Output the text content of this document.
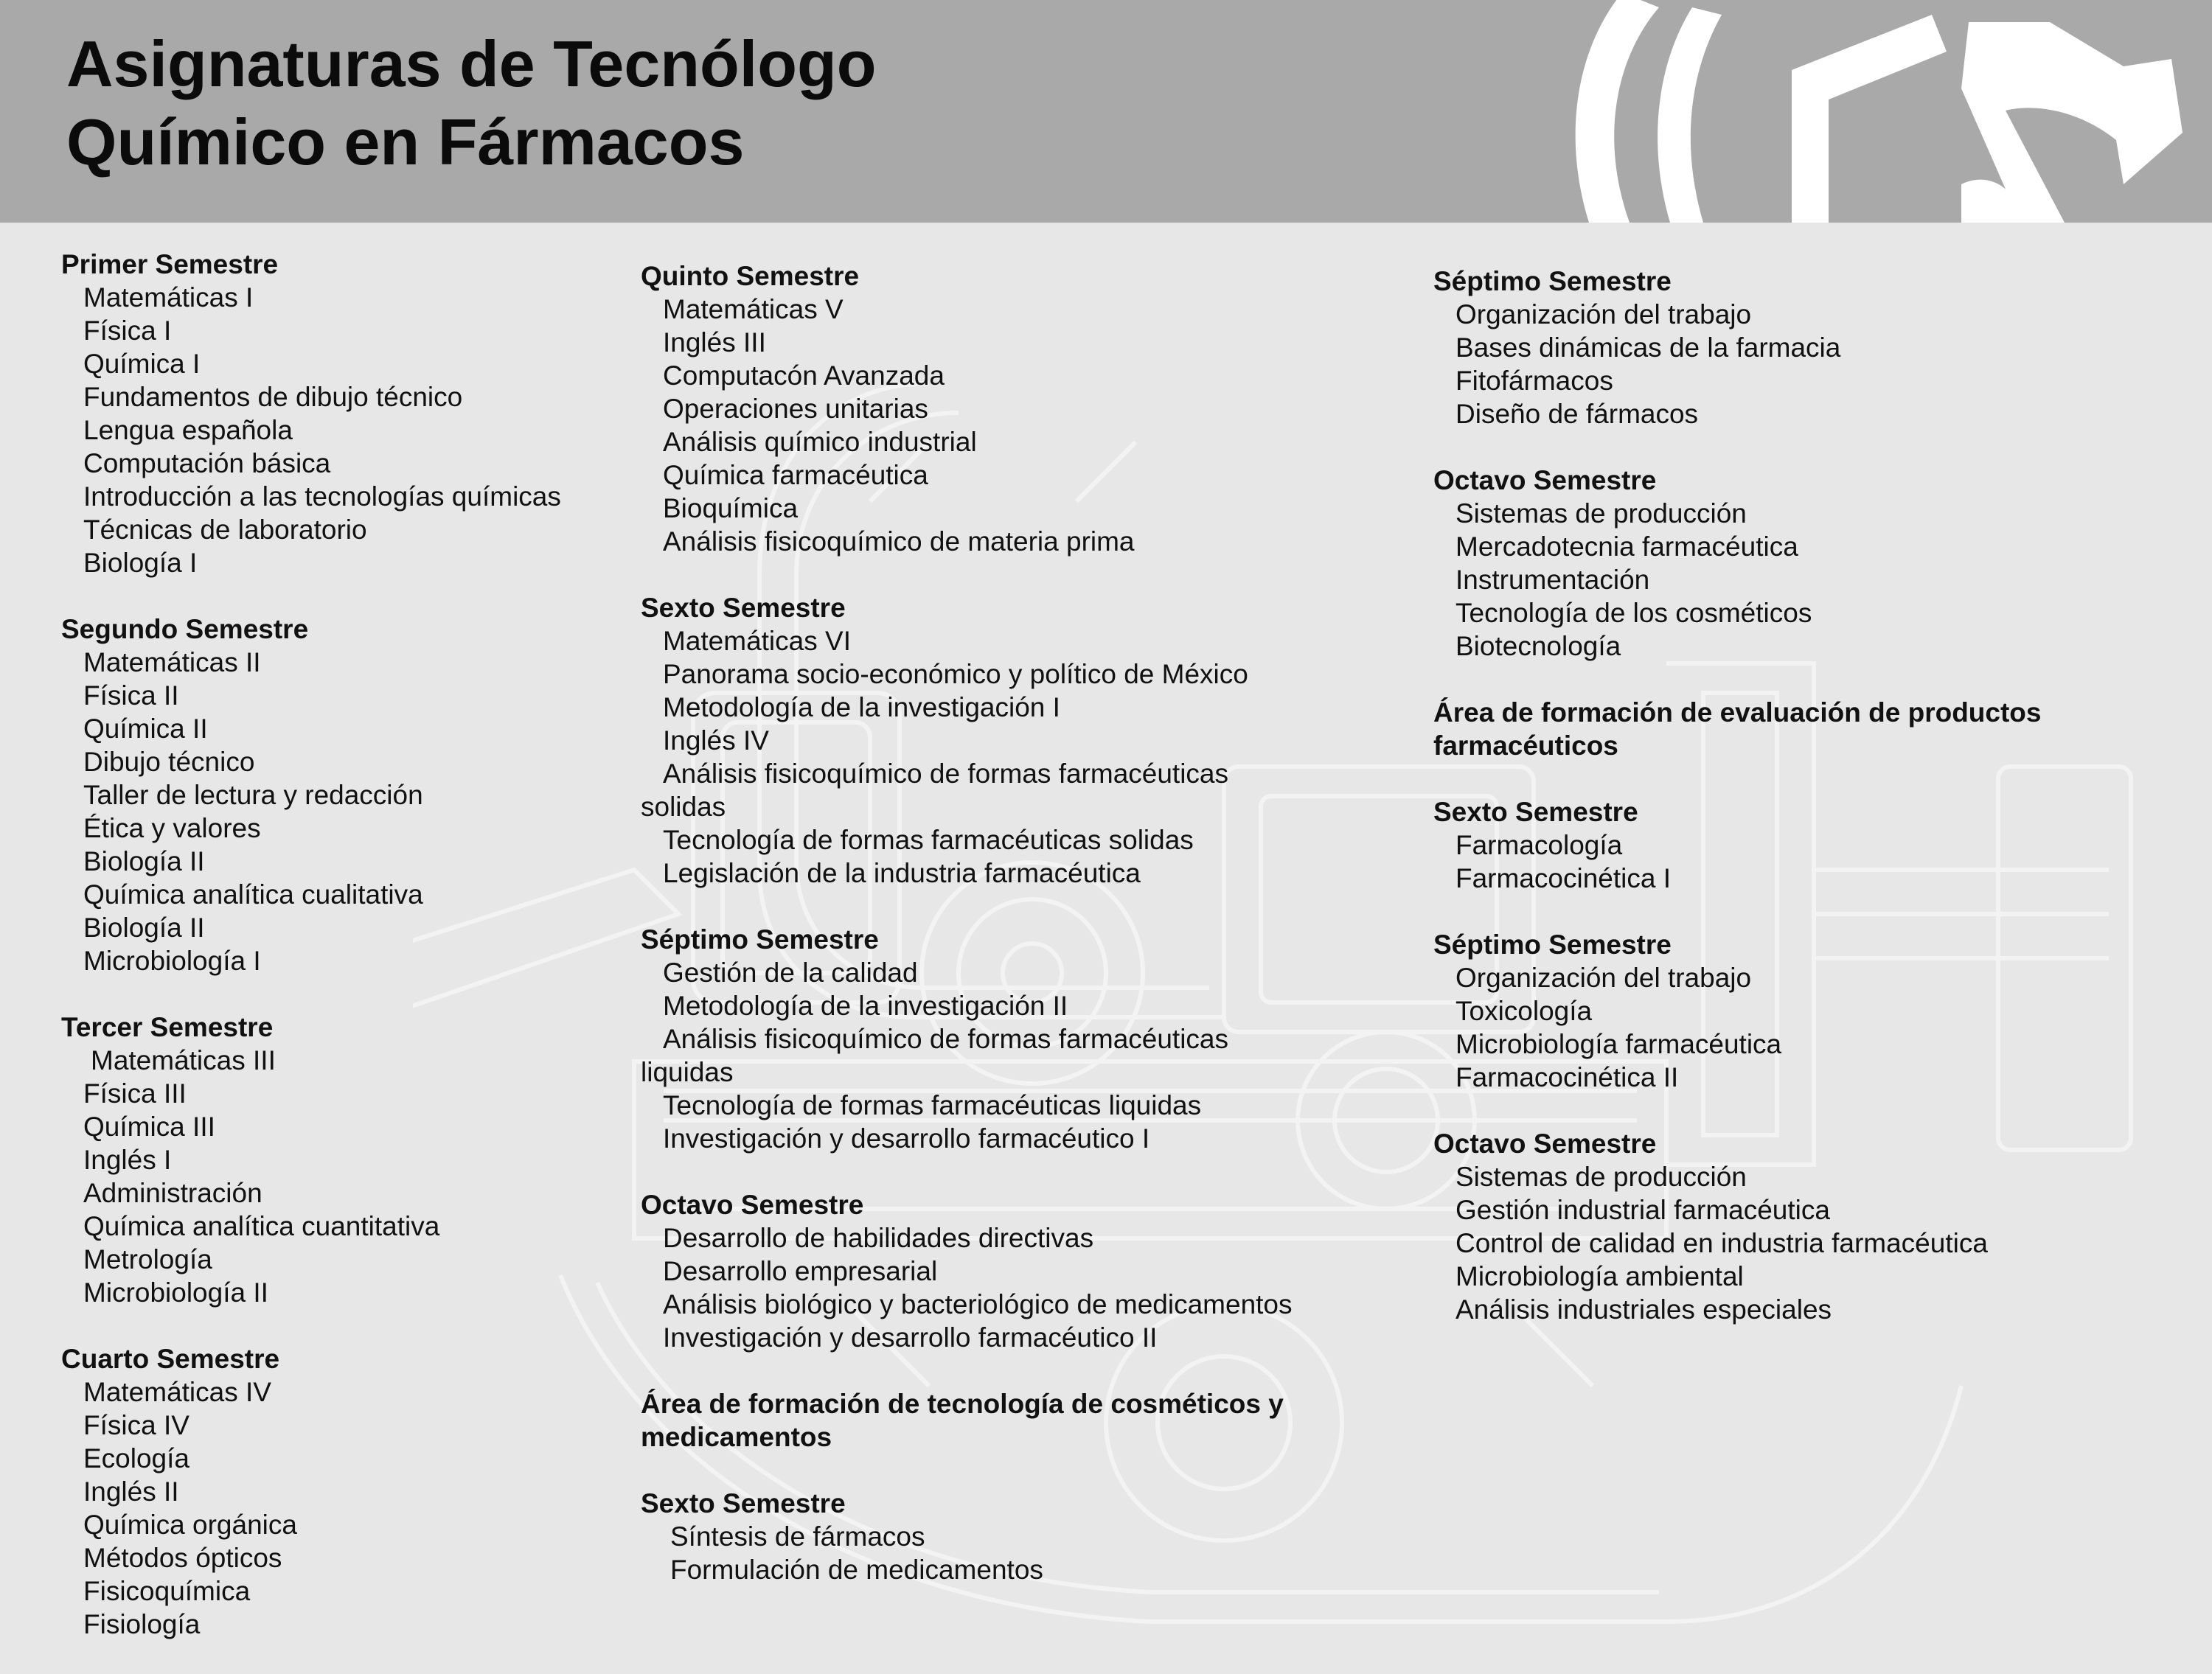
Asignaturas de Tecnólogo
Químico en Fármacos
Primer Semestre
Matemáticas I
Física I
Química I
Fundamentos de dibujo técnico
Lengua española
Computación básica
Introducción a las tecnologías químicas
Técnicas de laboratorio
Biología I
Segundo Semestre
Matemáticas II
Física II
Química II
Dibujo técnico
Taller de lectura y redacción
Ética y valores
Biología II
Química analítica cualitativa
Biología II
Microbiología I
Tercer Semestre
Matemáticas III
Física III
Química III
Inglés I
Administración
Química analítica cuantitativa
Metrología
Microbiología II
Cuarto Semestre
Matemáticas IV
Física IV
Ecología
Inglés II
Química orgánica
Métodos ópticos
Fisicoquímica
Fisiología
Quinto Semestre
Matemáticas V
Inglés III
Computacón Avanzada
Operaciones unitarias
Análisis químico industrial
Química farmacéutica
Bioquímica
Análisis fisicoquímico de materia prima
Sexto Semestre
Matemáticas VI
Panorama socio-económico y político de México
Metodología de la investigación I
Inglés IV
Análisis fisicoquímico de formas farmacéuticas solidas
Tecnología de formas farmacéuticas solidas
Legislación de la industria farmacéutica
Séptimo Semestre
Gestión de la calidad
Metodología de la investigación II
Análisis fisicoquímico de formas farmacéuticas liquidas
Tecnología de formas farmacéuticas liquidas
Investigación y desarrollo farmacéutico I
Octavo Semestre
Desarrollo de habilidades directivas
Desarrollo empresarial
Análisis biológico y bacteriológico de medicamentos
Investigación y desarrollo farmacéutico II
Área de formación de tecnología de cosméticos y medicamentos
Sexto Semestre
Síntesis de fármacos
Formulación de medicamentos
Séptimo Semestre
Organización del trabajo
Bases dinámicas de la farmacia
Fitofármacos
Diseño de fármacos
Octavo Semestre
Sistemas de producción
Mercadotecnia farmacéutica
Instrumentación
Tecnología de los cosméticos
Biotecnología
Área de formación de evaluación de productos farmacéuticos
Sexto Semestre
Farmacología
Farmacocinética I
Séptimo Semestre
Organización del trabajo
Toxicología
Microbiología farmacéutica
Farmacocinética II
Octavo Semestre
Sistemas de producción
Gestión industrial farmacéutica
Control de calidad en industria farmacéutica
Microbiología ambiental
Análisis industriales especiales
